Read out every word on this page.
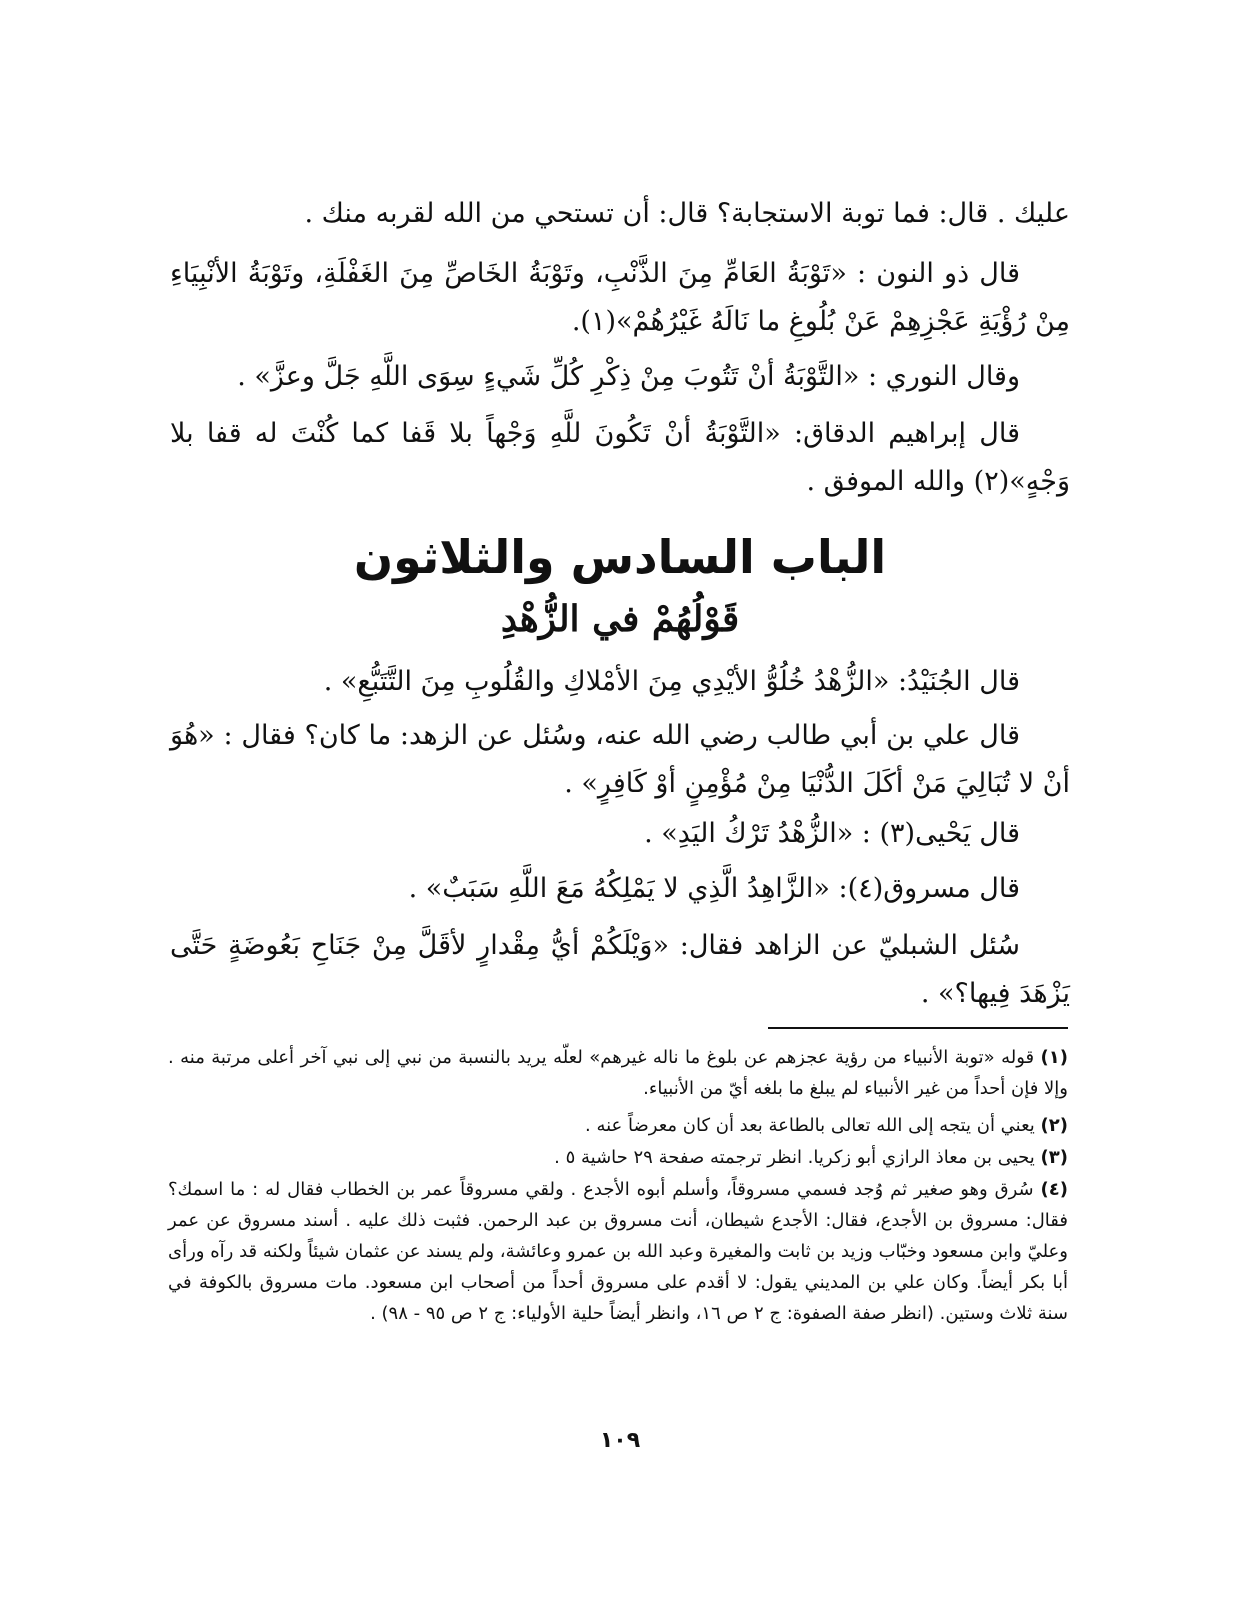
عليك . قال: فما توبة الاستجابة؟ قال: أن تستحي من الله لقربه منك .
قال ذو النون : «تَوْبَةُ العَامِّ مِنَ الذَّنْبِ، وتَوْبَةُ الخَاصِّ مِنَ الغَفْلَةِ، وتَوْبَةُ الأنْبِيَاءِ مِنْ رُؤْيَةِ عَجْزِهِمْ عَنْ بُلُوغِ ما نَالَهُ غَيْرُهُمْ»(١).
وقال النوري : «التَّوْبَةُ أنْ تَتُوبَ مِنْ ذِكْرِ كُلِّ شَيءٍ سِوَى اللَّهِ جَلَّ وعزَّ» .
قال إبراهيم الدقاق: «التَّوْبَةُ أنْ تَكُونَ للَّهِ وَجْهاً بلا قَفا كما كُنْتَ له قفا بلا وَجْهٍ»(٢) والله الموفق .
الباب السادس والثلاثون
قَوْلُهُمْ في الزُّهْدِ
قال الجُنَيْدُ: «الزُّهْدُ خُلُوُّ الأيْدِي مِنَ الأمْلاكِ والقُلُوبِ مِنَ التَّتَبُّعِ» .
قال علي بن أبي طالب رضي الله عنه، وسُئل عن الزهد: ما كان؟ فقال : «هُوَ أنْ لا تُبَالِيَ مَنْ أكَلَ الدُّنْيَا مِنْ مُؤْمِنٍ أوْ كَافِرٍ» .
قال يَحْيى(٣) : «الزُّهْدُ تَرْكُ اليَدِ» .
قال مسروق(٤): «الزَّاهِدُ الَّذِي لا يَمْلِكُهُ مَعَ اللَّهِ سَبَبٌ» .
سُئل الشبليّ عن الزاهد فقال: «وَيْلَكُمْ أيُّ مِقْدارٍ لأقَلَّ مِنْ جَنَاحِ بَعُوضَةٍ حَتَّى يَزْهَدَ فِيها؟» .
(١) قوله «توبة الأنبياء من رؤية عجزهم عن بلوغ ما ناله غيرهم» لعلّه يريد بالنسبة من نبي إلى نبي آخر أعلى مرتبة منه . وإلا فإن أحداً من غير الأنبياء لم يبلغ ما بلغه أيّ من الأنبياء.
(٢) يعني أن يتجه إلى الله تعالى بالطاعة بعد أن كان معرضاً عنه .
(٣) يحيى بن معاذ الرازي أبو زكريا. انظر ترجمته صفحة ٢٩ حاشية ٥ .
(٤) سُرق وهو صغير ثم وُجد فسمي مسروقاً، وأسلم أبوه الأجدع . ولقي مسروقاً عمر بن الخطاب فقال له : ما اسمك؟ فقال: مسروق بن الأجدع، فقال: الأجدع شيطان، أنت مسروق بن عبد الرحمن. فثبت ذلك عليه . أسند مسروق عن عمر وعليّ وابن مسعود وخبّاب وزيد بن ثابت والمغيرة وعبد الله بن عمرو وعائشة، ولم يسند عن عثمان شيئاً ولكنه قد رآه ورأى أبا بكر أيضاً. وكان علي بن المديني يقول: لا أقدم على مسروق أحداً من أصحاب ابن مسعود. مات مسروق بالكوفة في سنة ثلاث وستين. (انظر صفة الصفوة: ج ٢ ص ١٦، وانظر أيضاً حلية الأولياء: ج ٢ ص ٩٥ - ٩٨) .
١٠٩
